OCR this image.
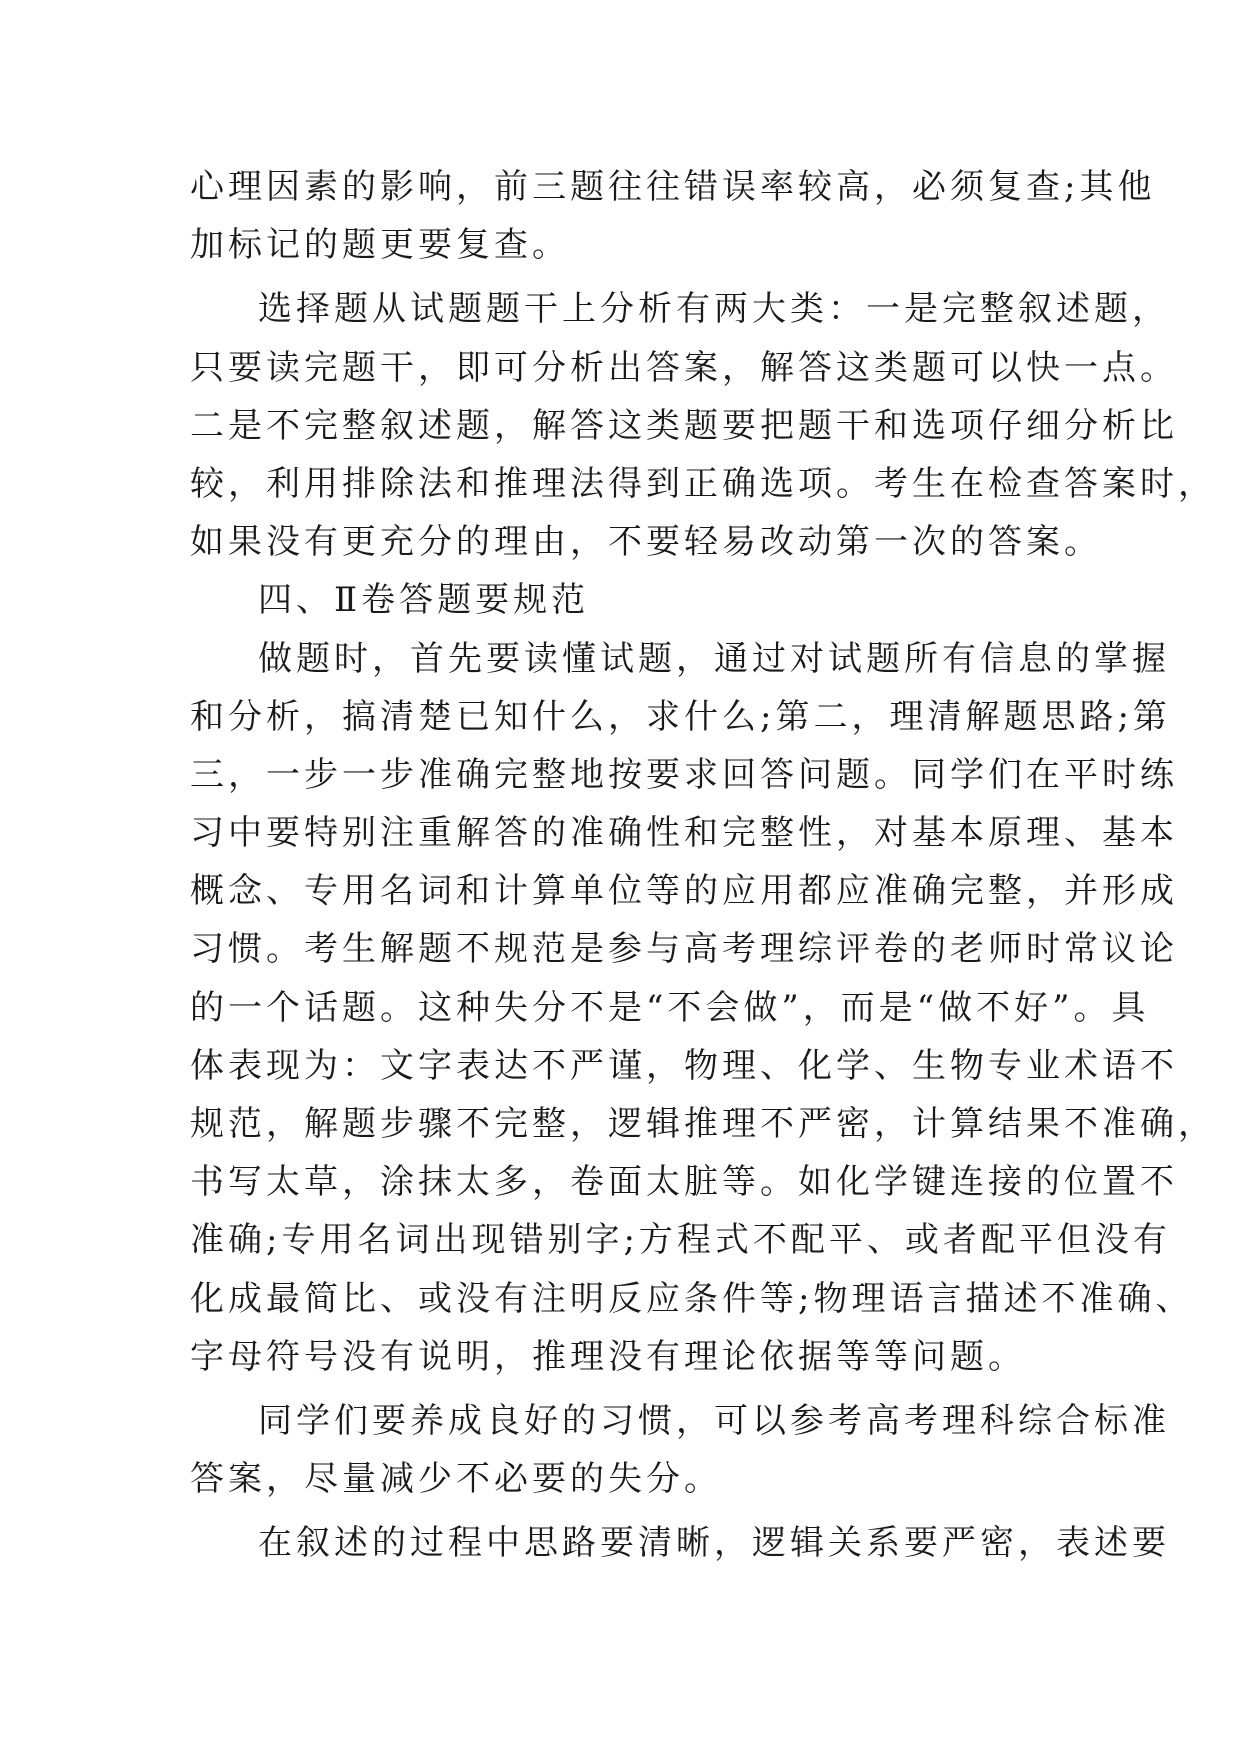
心理因素的影响，前三题往往错误率较高，必须复查;其他
加标记的题更要复查。
选择题从试题题干上分析有两大类：一是完整叙述题，
只要读完题干，即可分析出答案，解答这类题可以快一点。
二是不完整叙述题，解答这类题要把题干和选项仔细分析比
较，利用排除法和推理法得到正确选项。考生在检查答案时，
如果没有更充分的理由，不要轻易改动第一次的答案。
四、Ⅱ卷答题要规范
做题时，首先要读懂试题，通过对试题所有信息的掌握
和分析，搞清楚已知什么，求什么;第二，理清解题思路;第
三，一步一步准确完整地按要求回答问题。同学们在平时练
习中要特别注重解答的准确性和完整性，对基本原理、基本
概念、专用名词和计算单位等的应用都应准确完整，并形成
习惯。考生解题不规范是参与高考理综评卷的老师时常议论
的一个话题。这种失分不是“不会做”，而是“做不好”。具
体表现为：文字表达不严谨，物理、化学、生物专业术语不
规范，解题步骤不完整，逻辑推理不严密，计算结果不准确，
书写太草，涂抹太多，卷面太脏等。如化学键连接的位置不
准确;专用名词出现错别字;方程式不配平、或者配平但没有
化成最简比、或没有注明反应条件等;物理语言描述不准确、
字母符号没有说明，推理没有理论依据等等问题。
同学们要养成良好的习惯，可以参考高考理科综合标准
答案，尽量减少不必要的失分。
在叙述的过程中思路要清晰，逻辑关系要严密，表述要
